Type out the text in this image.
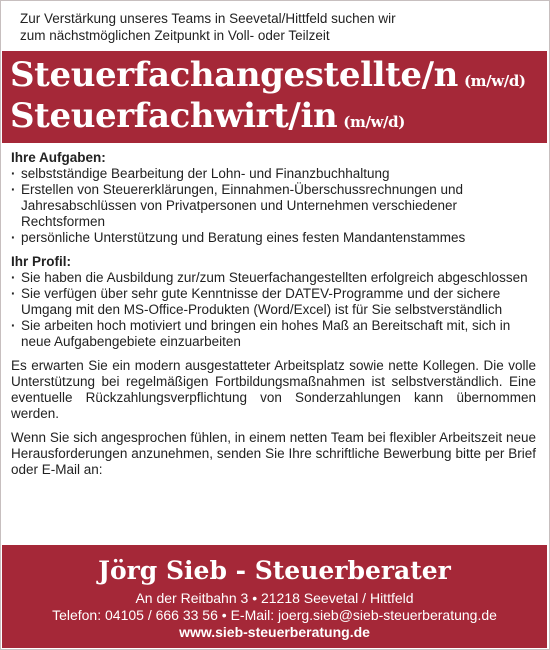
Zur Verstärkung unseres Teams in Seevetal/Hittfeld suchen wir
zum nächstmöglichen Zeitpunkt in Voll- oder Teilzeit
Steuerfachangestellte/n (m/w/d)
Steuerfachwirt/in (m/w/d)
Ihre Aufgaben:
· selbstständige Bearbeitung der Lohn- und Finanzbuchhaltung
· Erstellen von Steuererklärungen, Einnahmen-Überschussrechnungen und Jahresabschlüssen von Privatpersonen und Unternehmen verschiedener Rechtsformen
· persönliche Unterstützung und Beratung eines festen Mandantenstammes
Ihr Profil:
· Sie haben die Ausbildung zur/zum Steuerfachangestellten erfolgreich abgeschlossen
· Sie verfügen über sehr gute Kenntnisse der DATEV-Programme und der sichere Umgang mit den MS-Office-Produkten (Word/Excel) ist für Sie selbstverständlich
· Sie arbeiten hoch motiviert und bringen ein hohes Maß an Bereitschaft mit, sich in neue Aufgabengebiete einzuarbeiten

Es erwarten Sie ein modern ausgestatteter Arbeitsplatz sowie nette Kollegen. Die volle Unterstützung bei regelmäßigen Fortbildungsmaßnahmen ist selbstverständlich. Eine eventuelle Rückzahlungsverpflichtung von Sonderzahlungen kann übernommen werden.

Wenn Sie sich angesprochen fühlen, in einem netten Team bei flexibler Arbeitszeit neue Herausforderungen anzunehmen, senden Sie Ihre schriftliche Bewerbung bitte per Brief oder E-Mail an:

Jörg Sieb - Steuerberater
An der Reitbahn 3 • 21218 Seevetal / Hittfeld
Telefon: 04105 / 666 33 56 • E-Mail: joerg.sieb@sieb-steuerberatung.de
www.sieb-steuerberatung.de
